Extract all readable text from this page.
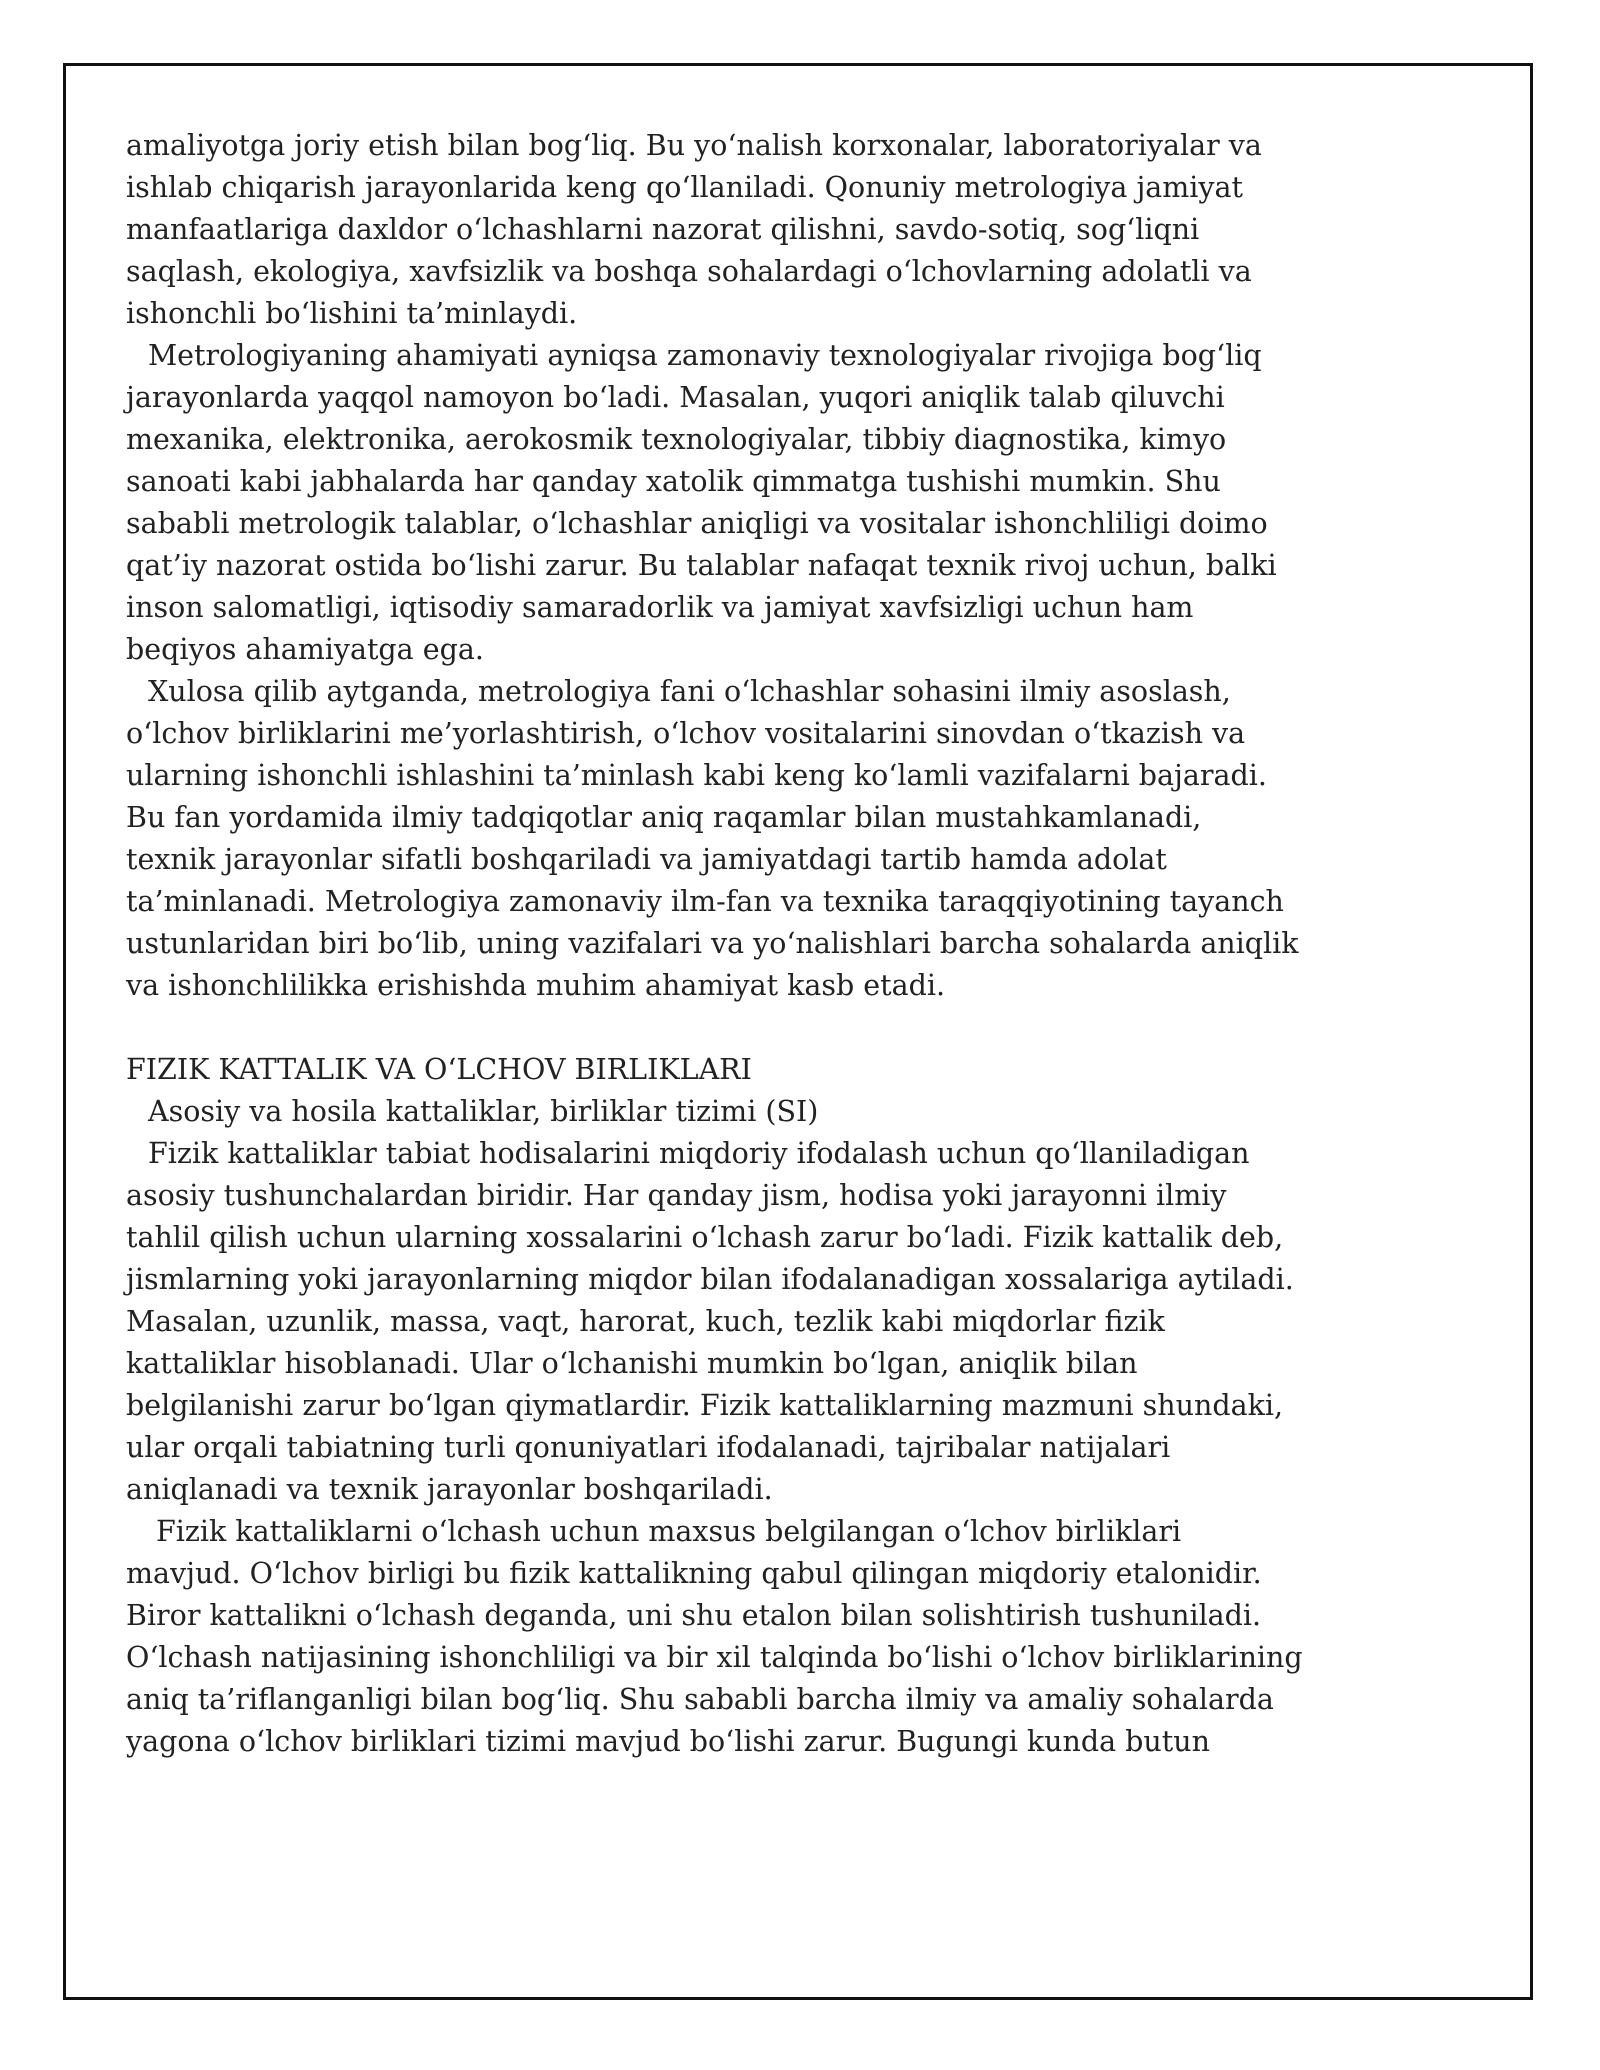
amaliyotga joriy etish bilan bog‘liq. Bu yo‘nalish korxonalar, laboratoriyalar va
ishlab chiqarish jarayonlarida keng qo‘llaniladi. Qonuniy metrologiya jamiyat
manfaatlariga daxldor o‘lchashlarni nazorat qilishni, savdo-sotiq, sog‘liqni
saqlash, ekologiya, xavfsizlik va boshqa sohalardagi o‘lchovlarning adolatli va
ishonchli bo‘lishini ta’minlaydi.

Metrologiyaning ahamiyati ayniqsa zamonaviy texnologiyalar rivojiga bog‘liq
jarayonlarda yaqqol namoyon bo‘ladi. Masalan, yuqori aniqlik talab qiluvchi
mexanika, elektronika, aerokosmik texnologiyalar, tibbiy diagnostika, kimyo
sanoati kabi jabhalarda har qanday xatolik qimmatga tushishi mumkin. Shu
sababli metrologik talablar, o‘lchashlar aniqligi va vositalar ishonchliligi doimo
qat’iy nazorat ostida bo‘lishi zarur. Bu talablar nafaqat texnik rivoj uchun, balki
inson salomatligi, iqtisodiy samaradorlik va jamiyat xavfsizligi uchun ham
beqiyos ahamiyatga ega.

Xulosa qilib aytganda, metrologiya fani o‘lchashlar sohasini ilmiy asoslash,
o‘lchov birliklarini me’yorlashtirish, o‘lchov vositalarini sinovdan o‘tkazish va
ularning ishonchli ishlashini ta’minlash kabi keng ko‘lamli vazifalarni bajaradi.
Bu fan yordamida ilmiy tadqiqotlar aniq raqamlar bilan mustahkamlanadi,
texnik jarayonlar sifatli boshqariladi va jamiyatdagi tartib hamda adolat
ta’minlanadi. Metrologiya zamonaviy ilm-fan va texnika taraqqiyotining tayanch
ustunlaridan biri bo‘lib, uning vazifalari va yo‘nalishlari barcha sohalarda aniqlik
va ishonchlilikka erishishda muhim ahamiyat kasb etadi.

FIZIK KATTALIK VA O‘LCHOV BIRLIKLARI

Asosiy va hosila kattaliklar, birliklar tizimi (SI)

Fizik kattaliklar tabiat hodisalarini miqdoriy ifodalash uchun qo‘llaniladigan
asosiy tushunchalardan biridir. Har qanday jism, hodisa yoki jarayonni ilmiy
tahlil qilish uchun ularning xossalarini o‘lchash zarur bo‘ladi. Fizik kattalik deb,
jismlarning yoki jarayonlarning miqdor bilan ifodalanadigan xossalariga aytiladi.
Masalan, uzunlik, massa, vaqt, harorat, kuch, tezlik kabi miqdorlar fizik
kattaliklar hisoblanadi. Ular o‘lchanishi mumkin bo‘lgan, aniqlik bilan
belgilanishi zarur bo‘lgan qiymatlardir. Fizik kattaliklarning mazmuni shundaki,
ular orqali tabiatning turli qonuniyatlari ifodalanadi, tajribalar natijalari
aniqlanadi va texnik jarayonlar boshqariladi.

Fizik kattaliklarni o‘lchash uchun maxsus belgilangan o‘lchov birliklari
mavjud. O‘lchov birligi bu fizik kattalikning qabul qilingan miqdoriy etalonidir.
Biror kattalikni o‘lchash deganda, uni shu etalon bilan solishtirish tushuniladi.
O‘lchash natijasining ishonchliligi va bir xil talqinda bo‘lishi o‘lchov birliklarining
aniq ta’riflanganligi bilan bog‘liq. Shu sababli barcha ilmiy va amaliy sohalarda
yagona o‘lchov birliklari tizimi mavjud bo‘lishi zarur. Bugungi kunda butun
